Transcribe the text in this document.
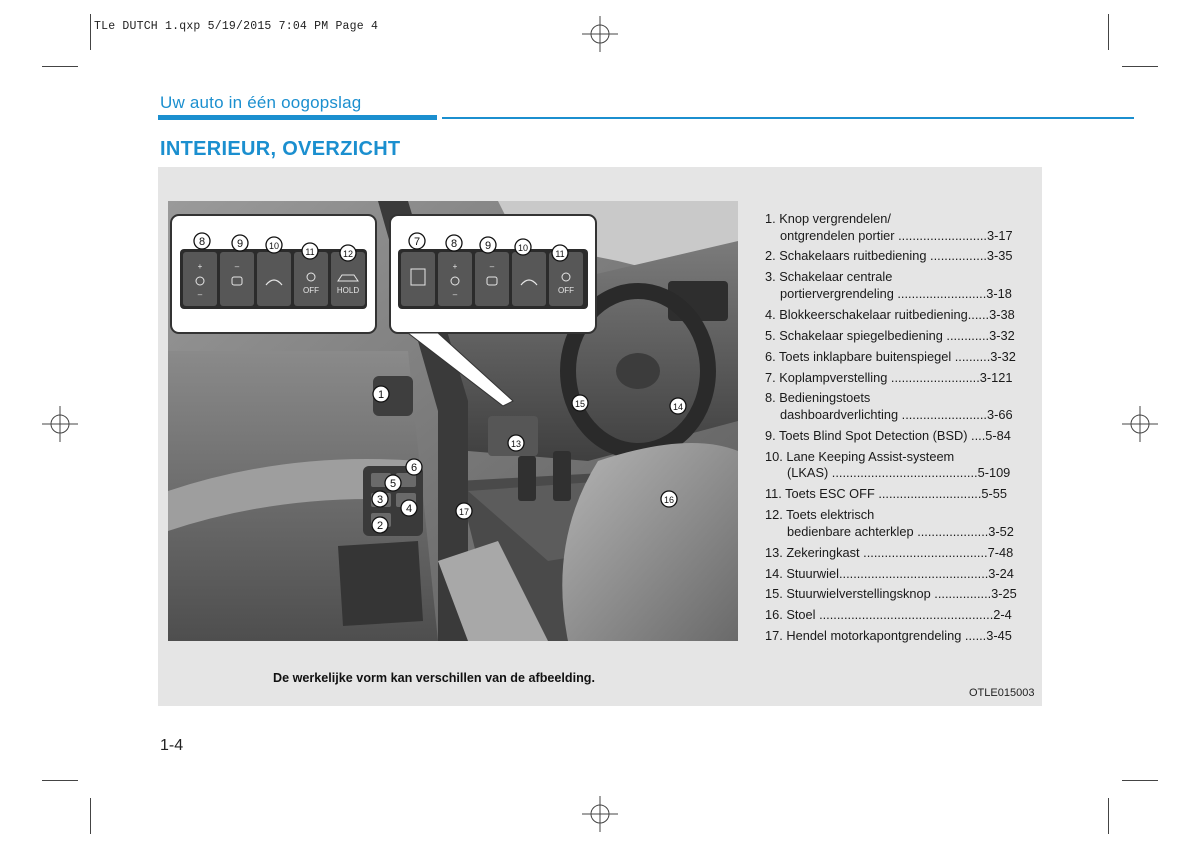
TLe DUTCH 1.qxp 5/19/2015 7:04 PM Page 4
Uw auto in één oogopslag
INTERIEUR, OVERZICHT
+
–
–
OFF HOLD
+
–
–
OFF
8	9	10
11	12
7	8	9	10
11
1
6
5
3
4
2
13
14
15
16
17
1. Knop vergrendelen/
ontgrendelen portier .........................3-17
2. Schakelaars ruitbediening ................3-35
3. Schakelaar centrale
portiervergrendeling .........................3-18
4. Blokkeerschakelaar ruitbediening......3-38
5. Schakelaar spiegelbediening ............3-32
6. Toets inklapbare buitenspiegel ..........3-32
7. Koplampverstelling .........................3-121
8. Bedieningstoets
dashboardverlichting ........................3-66
9. Toets Blind Spot Detection (BSD) ....5-84
10. Lane Keeping Assist-systeem
(LKAS) .........................................5-109
11. Toets ESC OFF .............................5-55
12. Toets elektrisch
bedienbare achterklep ....................3-52
13. Zekeringkast ...................................7-48
14. Stuurwiel..........................................3-24
15. Stuurwielverstellingsknop ................3-25
16. Stoel .................................................2-4
17. Hendel motorkapontgrendeling ......3-45
De werkelijke vorm kan verschillen van de afbeelding.
OTLE015003
1-4
